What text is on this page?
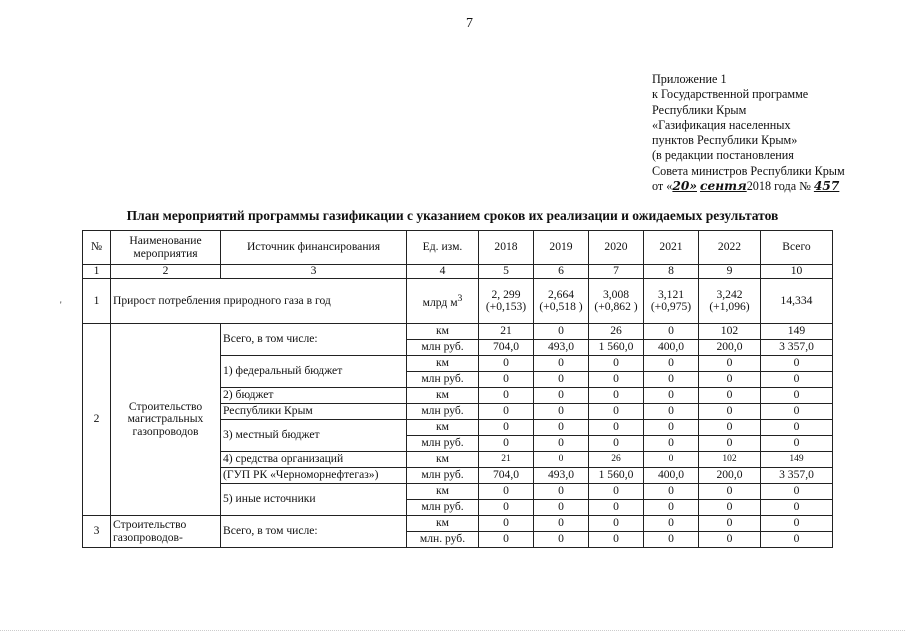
7
Приложение 1
к Государственной программе
Республики Крым
«Газификация населенных
пунктов Республики Крым»
(в редакции постановления
Совета министров Республики Крым
от «20» сентя2018 года № 457
План мероприятий программы газификации с указанием сроков их реализации и ожидаемых результатов
'
№	Наименование мероприятия	Источник финансирования	Ед. изм.	2018	2019	2020	2021	2022	Всего
1	2	3	4	5	6	7	8	9	10
1	Прирост потребления природного газа в год		млрд $м^3$	2, 299 (+0,153)	2,664 (+0,518 )	3,008 (+0,862 )	3,121 (+0,975)	3,242 (+1,096)	14,334
2	Строительство магистральных газопроводов	Всего, в том числе:	км	21	0	26	0	102	149
			млн руб.	704,0	493,0	1 560,0	400,0	200,0	3 357,0
		1) федеральный бюджет	км	0	0	0	0	0	0
			млн руб.	0	0	0	0	0	0
		2) бюджет	км	0	0	0	0	0	0
		Республики Крым	млн руб.	0	0	0	0	0	0
		3) местный бюджет	км	0	0	0	0	0	0
			млн руб.	0	0	0	0	0	0
		4) средства организаций	км	21	0	26	0	102	149
		(ГУП РК «Черноморнефтегаз»)	млн руб.	704,0	493,0	1 560,0	400,0	200,0	3 357,0
		5) иные источники	км	0	0	0	0	0	0
			млн руб.	0	0	0	0	0	0
3	Строительство газопроводов-	Всего, в том числе:	км	0	0	0	0	0	0
			млн. руб.	0	0	0	0	0	0
